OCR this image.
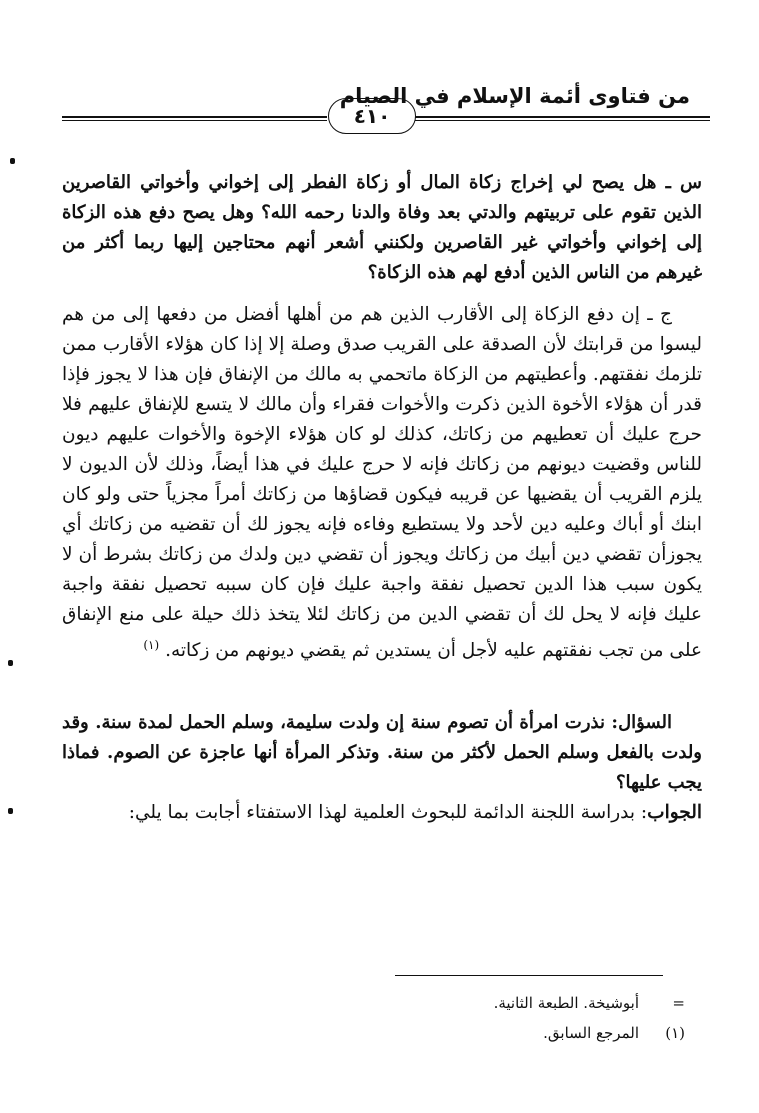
من فتاوى أئمة الإسلام في الصيام
٤١٠

س ـ هل يصح لي إخراج زكاة المال أو زكاة الفطر إلى إخواني وأخواتي القاصرين الذين تقوم على تربيتهم والدتي بعد وفاة والدنا رحمه الله؟ وهل يصح دفع هذه الزكاة إلى إخواني وأخواتي غير القاصرين ولكنني أشعر أنهم محتاجين إليها ربما أكثر من غيرهم من الناس الذين أدفع لهم هذه الزكاة؟

ج ـ إن دفع الزكاة إلى الأقارب الذين هم من أهلها أفضل من دفعها إلى من هم ليسوا من قرابتك لأن الصدقة على القريب صدق وصلة إلا إذا كان هؤلاء الأقارب ممن تلزمك نفقتهم. وأعطيتهم من الزكاة ماتحمي به مالك من الإنفاق فإن هذا لا يجوز فإذا قدر أن هؤلاء الأخوة الذين ذكرت والأخوات فقراء وأن مالك لا يتسع للإنفاق عليهم فلا حرج عليك أن تعطيهم من زكاتك، كذلك لو كان هؤلاء الإخوة والأخوات عليهم ديون للناس وقضيت ديونهم من زكاتك فإنه لا حرج عليك في هذا أيضاً، وذلك لأن الديون لا يلزم القريب أن يقضيها عن قريبه فيكون قضاؤها من زكاتك أمراً مجزياً حتى ولو كان ابنك أو أباك وعليه دين لأحد ولا يستطيع وفاءه فإنه يجوز لك أن تقضيه من زكاتك أي يجوزأن تقضي دين أبيك من زكاتك ويجوز أن تقضي دين ولدك من زكاتك بشرط أن لا يكون سبب هذا الدين تحصيل نفقة واجبة عليك فإن كان سببه تحصيل نفقة واجبة عليك فإنه لا يحل لك أن تقضي الدين من زكاتك لئلا يتخذ ذلك حيلة على منع الإنفاق على من تجب نفقتهم عليه لأجل أن يستدين ثم يقضي ديونهم من زكاته. $^{(١)}$

السؤال: نذرت امرأة أن تصوم سنة إن ولدت سليمة، وسلم الحمل لمدة سنة. وقد ولدت بالفعل وسلم الحمل لأكثر من سنة. وتذكر المرأة أنها عاجزة عن الصوم. فماذا يجب عليها؟

الجواب: بدراسة اللجنة الدائمة للبحوث العلمية لهذا الاستفتاء أجابت بما يلي:

=
أبوشيخة. الطبعة الثانية.
(١)
المرجع السابق.
